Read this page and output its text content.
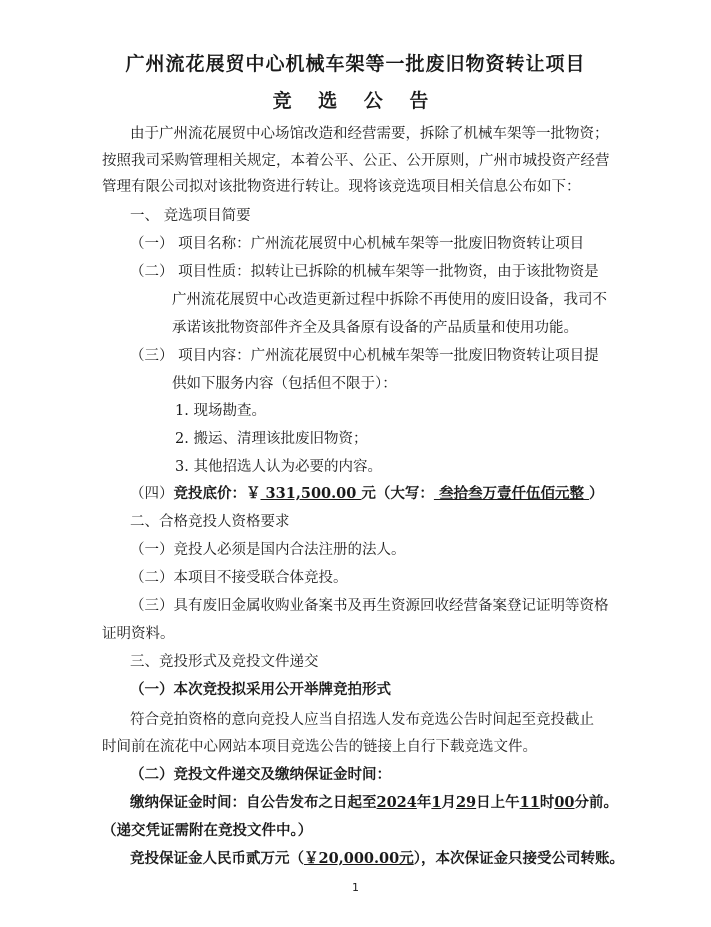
广州流花展贸中心机械车架等一批废旧物资转让项目
竞 选 公 告
由于广州流花展贸中心场馆改造和经营需要，拆除了机械车架等一批物资；
按照我司采购管理相关规定，本着公平、公正、公开原则，广州市城投资产经营
管理有限公司拟对该批物资进行转让。现将该竞选项目相关信息公布如下：
一、 竞选项目简要
（一） 项目名称：广州流花展贸中心机械车架等一批废旧物资转让项目
（二） 项目性质：拟转让已拆除的机械车架等一批物资，由于该批物资是
广州流花展贸中心改造更新过程中拆除不再使用的废旧设备，我司不
承诺该批物资部件齐全及具备原有设备的产品质量和使用功能。
（三） 项目内容：广州流花展贸中心机械车架等一批废旧物资转让项目提
供如下服务内容（包括但不限于）：
1. 现场勘查。
2. 搬运、清理该批废旧物资；
3. 其他招选人认为必要的内容。
（四）竞投底价：￥ 331,500.00 元（大写： 叁拾叁万壹仟伍佰元整 ）
二、合格竞投人资格要求
（一）竞投人必须是国内合法注册的法人。
（二）本项目不接受联合体竞投。
（三）具有废旧金属收购业备案书及再生资源回收经营备案登记证明等资格
证明资料。
三、竞投形式及竞投文件递交
（一）本次竞投拟采用公开举牌竞拍形式
符合竞拍资格的意向竞投人应当自招选人发布竞选公告时间起至竞投截止
时间前在流花中心网站本项目竞选公告的链接上自行下载竞选文件。
（二）竞投文件递交及缴纳保证金时间：
缴纳保证金时间：自公告发布之日起至2024年1月29日上午11时00分前。
（递交凭证需附在竞投文件中。）
竞投保证金人民币贰万元（￥20,000.00元），本次保证金只接受公司转账。
1
